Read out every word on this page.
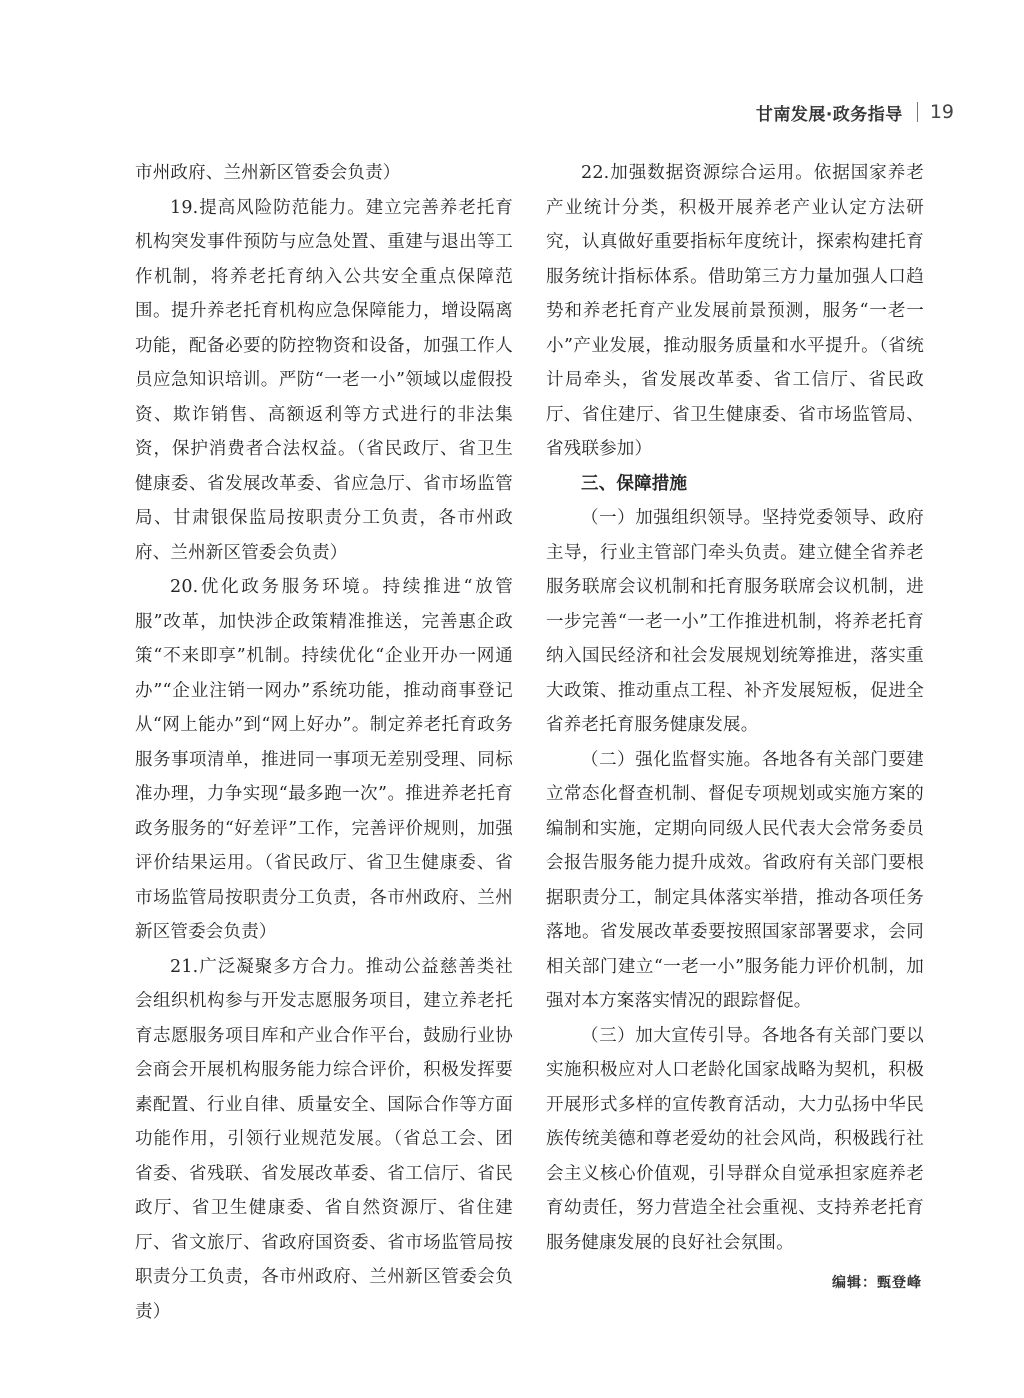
甘南发展·政务指导 19

市州政府、兰州新区管委会负责）

19.提高风险防范能力。建立完善养老托育机构突发事件预防与应急处置、重建与退出等工作机制，将养老托育纳入公共安全重点保障范围。提升养老托育机构应急保障能力，增设隔离功能，配备必要的防控物资和设备，加强工作人员应急知识培训。严防“一老一小”领域以虚假投资、欺诈销售、高额返利等方式进行的非法集资，保护消费者合法权益。（省民政厅、省卫生健康委、省发展改革委、省应急厅、省市场监管局、甘肃银保监局按职责分工负责，各市州政府、兰州新区管委会负责）

20.优化政务服务环境。持续推进“放管服”改革，加快涉企政策精准推送，完善惠企政策“不来即享”机制。持续优化“企业开办一网通办”“企业注销一网办”系统功能，推动商事登记从“网上能办”到“网上好办”。制定养老托育政务服务事项清单，推进同一事项无差别受理、同标准办理，力争实现“最多跑一次”。推进养老托育政务服务的“好差评”工作，完善评价规则，加强评价结果运用。（省民政厅、省卫生健康委、省市场监管局按职责分工负责，各市州政府、兰州新区管委会负责）

21.广泛凝聚多方合力。推动公益慈善类社会组织机构参与开发志愿服务项目，建立养老托育志愿服务项目库和产业合作平台，鼓励行业协会商会开展机构服务能力综合评价，积极发挥要素配置、行业自律、质量安全、国际合作等方面功能作用，引领行业规范发展。（省总工会、团省委、省残联、省发展改革委、省工信厅、省民政厅、省卫生健康委、省自然资源厅、省住建厅、省文旅厅、省政府国资委、省市场监管局按职责分工负责，各市州政府、兰州新区管委会负责）

22.加强数据资源综合运用。依据国家养老产业统计分类，积极开展养老产业认定方法研究，认真做好重要指标年度统计，探索构建托育服务统计指标体系。借助第三方力量加强人口趋势和养老托育产业发展前景预测，服务“一老一小”产业发展，推动服务质量和水平提升。（省统计局牵头，省发展改革委、省工信厅、省民政厅、省住建厅、省卫生健康委、省市场监管局、省残联参加）

三、保障措施

（一）加强组织领导。坚持党委领导、政府主导，行业主管部门牵头负责。建立健全省养老服务联席会议机制和托育服务联席会议机制，进一步完善“一老一小”工作推进机制，将养老托育纳入国民经济和社会发展规划统筹推进，落实重大政策、推动重点工程、补齐发展短板，促进全省养老托育服务健康发展。

（二）强化监督实施。各地各有关部门要建立常态化督查机制、督促专项规划或实施方案的编制和实施，定期向同级人民代表大会常务委员会报告服务能力提升成效。省政府有关部门要根据职责分工，制定具体落实举措，推动各项任务落地。省发展改革委要按照国家部署要求，会同相关部门建立“一老一小”服务能力评价机制，加强对本方案落实情况的跟踪督促。

（三）加大宣传引导。各地各有关部门要以实施积极应对人口老龄化国家战略为契机，积极开展形式多样的宣传教育活动，大力弘扬中华民族传统美德和尊老爱幼的社会风尚，积极践行社会主义核心价值观，引导群众自觉承担家庭养老育幼责任，努力营造全社会重视、支持养老托育服务健康发展的良好社会氛围。

编辑：甄登峰
